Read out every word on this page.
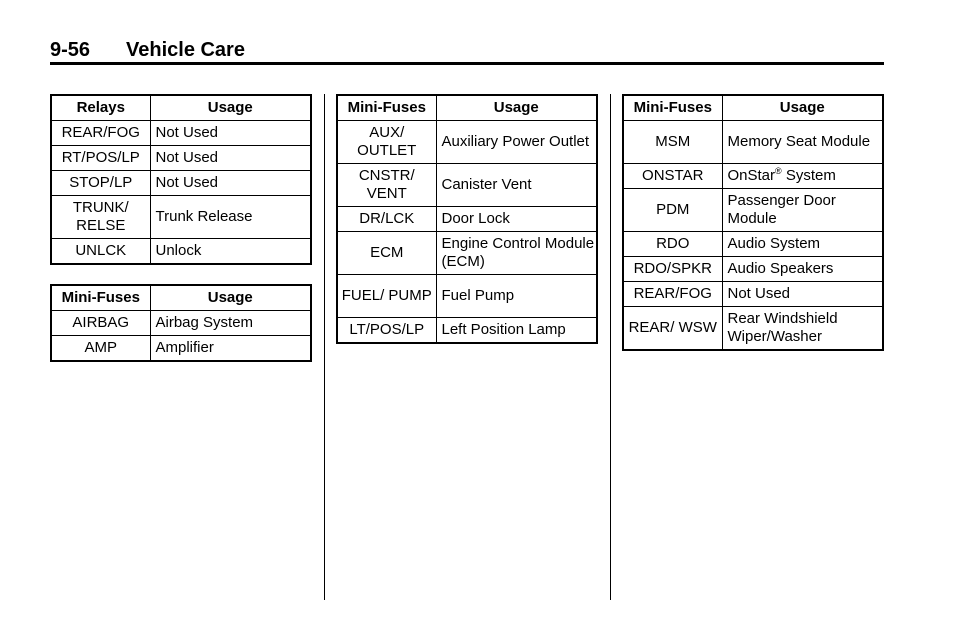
9-56 Vehicle Care
Relays	Usage
REAR/FOG	Not Used
RT/POS/LP	Not Used
STOP/LP	Not Used
TRUNK/ RELSE	Trunk Release
UNLCK	Unlock
Mini-Fuses	Usage
AIRBAG	Airbag System
AMP	Amplifier
Mini-Fuses	Usage
AUX/ OUTLET	Auxiliary Power Outlet
CNSTR/ VENT	Canister Vent
DR/LCK	Door Lock
ECM	Engine Control Module (ECM)
FUEL/ PUMP	Fuel Pump
LT/POS/LP	Left Position Lamp
Mini-Fuses	Usage
MSM	Memory Seat Module
ONSTAR	OnStar® System
PDM	Passenger Door Module
RDO	Audio System
RDO/SPKR	Audio Speakers
REAR/FOG	Not Used
REAR/ WSW	Rear Windshield Wiper/Washer
